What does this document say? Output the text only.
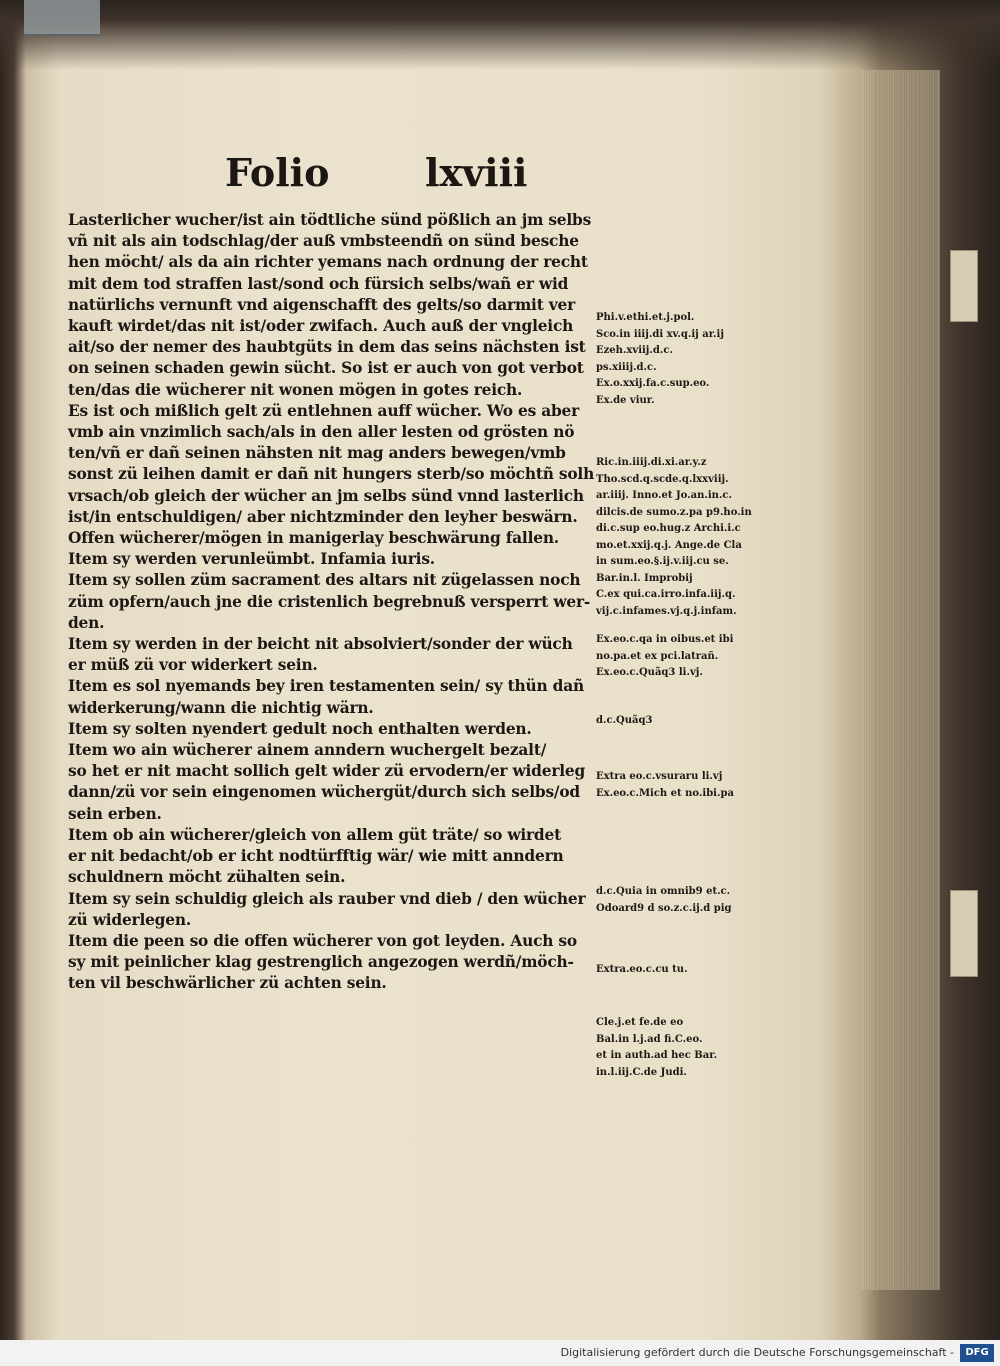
Folio	lxviii
Lasterlicher wucher/ist ain tödtliche sünd pößlich an jm selbs
vñ nit als ain todschlag/der auß vmbsteendñ on sünd besche
hen möcht/ als da ain richter yemans nach ordnung der recht
mit dem tod straffen last/sond och fürsich selbs/wañ er wid
natürlichs vernunft vnd aigenschafft des gelts/so darmit ver
kauft wirdet/das nit ist/oder zwifach. Auch auß der vngleich
ait/so der nemer des haubtgüts in dem das seins nächsten ist
on seinen schaden gewin sücht. So ist er auch von got verbot
ten/das die wücherer nit wonen mögen in gotes reich.
Es ist och mißlich gelt zü entlehnen auff wücher. Wo es aber
vmb ain vnzimlich sach/als in den aller lesten od grösten nö
ten/vñ er dañ seinen nähsten nit mag anders bewegen/vmb
sonst zü leihen damit er dañ nit hungers sterb/so möchtñ solh
vrsach/ob gleich der wücher an jm selbs sünd vnnd lasterlich
ist/in entschuldigen/ aber nichtzminder den leyher beswärn.
Offen wücherer/mögen in manigerlay beschwärung fallen.
Item sy werden verunleümbt. Infamia iuris.
Item sy sollen züm sacrament des altars nit zügelassen noch
züm opfern/auch jne die cristenlich begrebnuß versperrt wer-
den.
Item sy werden in der beicht nit absolviert/sonder der wüch
er müß zü vor widerkert sein.
Item es sol nyemands bey iren testamenten sein/ sy thün dañ
widerkerung/wann die nichtig wärn.
Item sy solten nyendert gedult noch enthalten werden.
Item wo ain wücherer ainem anndern wuchergelt bezalt/
so het er nit macht sollich gelt wider zü ervodern/er widerleg
dann/zü vor sein eingenomen wüchergüt/durch sich selbs/od
sein erben.
Item ob ain wücherer/gleich von allem güt träte/ so wirdet
er nit bedacht/ob er icht nodtürfftig wär/ wie mitt anndern
schuldnern möcht zühalten sein.
Item sy sein schuldig gleich als rauber vnd dieb / den wücher
zü widerlegen.
Item die peen so die offen wücherer von got leyden. Auch so
sy mit peinlicher klag gestrenglich angezogen werdñ/möch-
ten vil beschwärlicher zü achten sein.
Phi.v.ethi.et.j.pol.
Sco.in iiij.di xv.q.ij ar.ij
Ezeh.xviij.d.c.
ps.xiiij.d.c.
Ex.o.xxij.fa.c.sup.eo.
Ex.de viur.
Ric.in.iiij.di.xi.ar.y.z
Tho.scd.q.scde.q.lxxviij.
ar.iiij. Inno.et Jo.an.in.c.
dilcis.de sumo.z.pa p9.ho.in
di.c.sup eo.hug.z Archi.i.c
mo.et.xxij.q.j. Ange.de Cla
in sum.eo.§.ij.v.iij.cu se.
Bar.in.l. Improbij
C.ex qui.ca.irro.infa.iij.q.
vij.c.infames.vj.q.j.infam.
Ex.eo.c.qa in oibus.et ibi
no.pa.et ex pci.latrañ.
Ex.eo.c.Quãq3 li.vj.
d.c.Quãq3
Extra eo.c.vsuraru li.vj
Ex.eo.c.Mich et no.ibi.pa
d.c.Quia in omnib9 et.c.
Odoard9 d so.z.c.ij.d pig
Extra.eo.c.cu tu.
Cle.j.et fe.de eo
Bal.in l.j.ad fi.C.eo.
et in auth.ad hec Bar.
in.l.iij.C.de Judi.
Digitalisierung gefördert durch die Deutsche Forschungsgemeinschaft -	DFG
